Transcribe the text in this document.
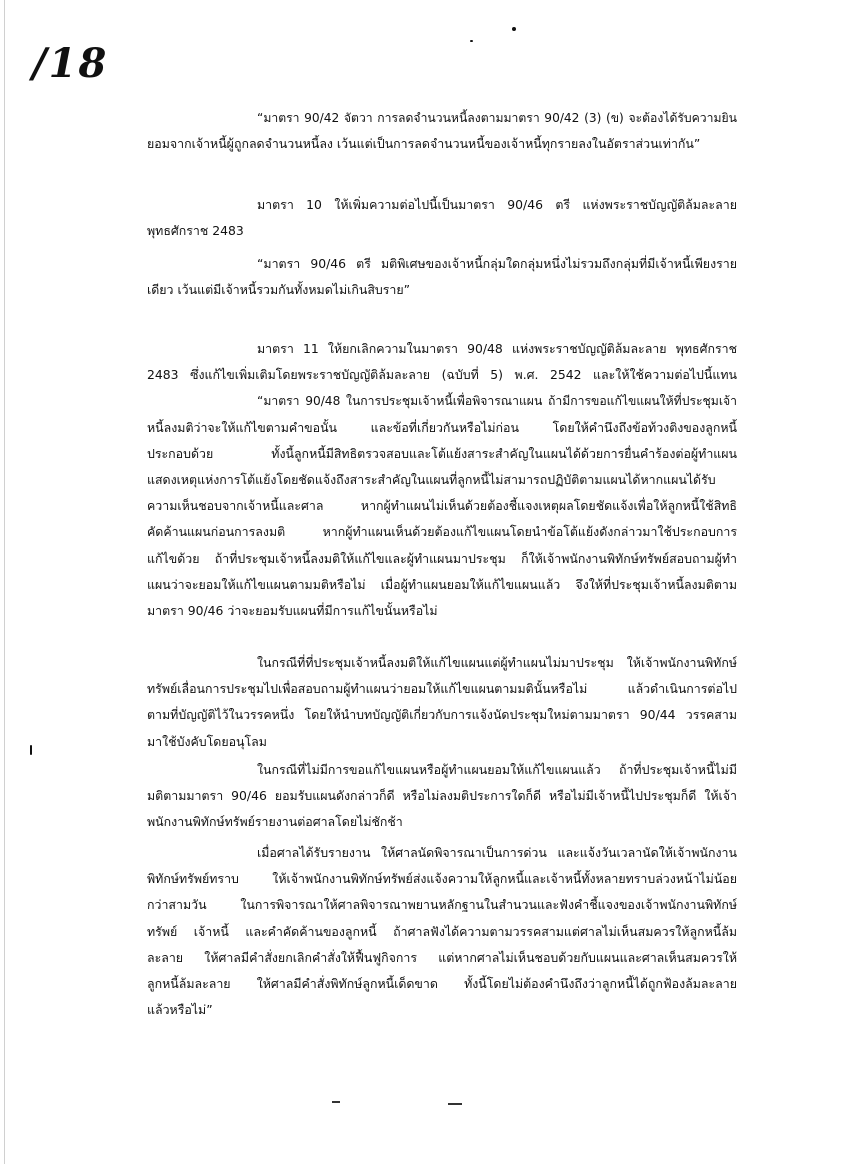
/18
“มาตรา 90/42 จัตวา การลดจำนวนหนี้ลงตามมาตรา 90/42 (3) (ข) จะต้องได้รับความยิน
ยอมจากเจ้าหนี้ผู้ถูกลดจำนวนหนี้ลง เว้นแต่เป็นการลดจำนวนหนี้ของเจ้าหนี้ทุกรายลงในอัตราส่วนเท่ากัน”
มาตรา 10 ให้เพิ่มความต่อไปนี้เป็นมาตรา 90/46 ตรี แห่งพระราชบัญญัติล้มละลาย
พุทธศักราช 2483
“มาตรา 90/46 ตรี มติพิเศษของเจ้าหนี้กลุ่มใดกลุ่มหนึ่งไม่รวมถึงกลุ่มที่มีเจ้าหนี้เพียงราย
เดียว เว้นแต่มีเจ้าหนี้รวมกันทั้งหมดไม่เกินสิบราย”
มาตรา 11 ให้ยกเลิกความในมาตรา 90/48 แห่งพระราชบัญญัติล้มละลาย พุทธศักราช
2483 ซึ่งแก้ไขเพิ่มเติมโดยพระราชบัญญัติล้มละลาย (ฉบับที่ 5) พ.ศ. 2542 และให้ใช้ความต่อไปนี้แทน
“มาตรา 90/48 ในการประชุมเจ้าหนี้เพื่อพิจารณาแผน ถ้ามีการขอแก้ไขแผนให้ที่ประชุมเจ้า
หนี้ลงมติว่าจะให้แก้ไขตามคำขอนั้น และข้อที่เกี่ยวกันหรือไม่ก่อน โดยให้คำนึงถึงข้อท้วงติงของลูกหนี้
ประกอบด้วย ทั้งนี้ลูกหนี้มีสิทธิตรวจสอบและโต้แย้งสาระสำคัญในแผนได้ด้วยการยื่นคำร้องต่อผู้ทำแผน
แสดงเหตุแห่งการโต้แย้งโดยชัดแจ้งถึงสาระสำคัญในแผนที่ลูกหนี้ไม่สามารถปฏิบัติตามแผนได้หากแผนได้รับ
ความเห็นชอบจากเจ้าหนี้และศาล หากผู้ทำแผนไม่เห็นด้วยต้องชี้แจงเหตุผลโดยชัดแจ้งเพื่อให้ลูกหนี้ใช้สิทธิ
คัดค้านแผนก่อนการลงมติ หากผู้ทำแผนเห็นด้วยต้องแก้ไขแผนโดยนำข้อโต้แย้งดังกล่าวมาใช้ประกอบการ
แก้ไขด้วย ถ้าที่ประชุมเจ้าหนี้ลงมติให้แก้ไขและผู้ทำแผนมาประชุม ก็ให้เจ้าพนักงานพิทักษ์ทรัพย์สอบถามผู้ทำ
แผนว่าจะยอมให้แก้ไขแผนตามมติหรือไม่ เมื่อผู้ทำแผนยอมให้แก้ไขแผนแล้ว จึงให้ที่ประชุมเจ้าหนี้ลงมติตาม
มาตรา 90/46 ว่าจะยอมรับแผนที่มีการแก้ไขนั้นหรือไม่
ในกรณีที่ที่ประชุมเจ้าหนี้ลงมติให้แก้ไขแผนแต่ผู้ทำแผนไม่มาประชุม ให้เจ้าพนักงานพิทักษ์
ทรัพย์เลื่อนการประชุมไปเพื่อสอบถามผู้ทำแผนว่ายอมให้แก้ไขแผนตามมตินั้นหรือไม่ แล้วดำเนินการต่อไป
ตามที่บัญญัติไว้ในวรรคหนึ่ง โดยให้นำบทบัญญัติเกี่ยวกับการแจ้งนัดประชุมใหม่ตามมาตรา 90/44 วรรคสาม
มาใช้บังคับโดยอนุโลม
ในกรณีที่ไม่มีการขอแก้ไขแผนหรือผู้ทำแผนยอมให้แก้ไขแผนแล้ว ถ้าที่ประชุมเจ้าหนี้ไม่มี
มติตามมาตรา 90/46 ยอมรับแผนดังกล่าวก็ดี หรือไม่ลงมติประการใดก็ดี หรือไม่มีเจ้าหนี้ไปประชุมก็ดี ให้เจ้า
พนักงานพิทักษ์ทรัพย์รายงานต่อศาลโดยไม่ชักช้า
เมื่อศาลได้รับรายงาน ให้ศาลนัดพิจารณาเป็นการด่วน และแจ้งวันเวลานัดให้เจ้าพนักงาน
พิทักษ์ทรัพย์ทราบ ให้เจ้าพนักงานพิทักษ์ทรัพย์ส่งแจ้งความให้ลูกหนี้และเจ้าหนี้ทั้งหลายทราบล่วงหน้าไม่น้อย
กว่าสามวัน ในการพิจารณาให้ศาลพิจารณาพยานหลักฐานในสำนวนและฟังคำชี้แจงของเจ้าพนักงานพิทักษ์
ทรัพย์ เจ้าหนี้ และคำคัดค้านของลูกหนี้ ถ้าศาลฟังได้ความตามวรรคสามแต่ศาลไม่เห็นสมควรให้ลูกหนี้ล้ม
ละลาย ให้ศาลมีคำสั่งยกเลิกคำสั่งให้ฟื้นฟูกิจการ แต่หากศาลไม่เห็นชอบด้วยกับแผนและศาลเห็นสมควรให้
ลูกหนี้ล้มละลาย ให้ศาลมีคำสั่งพิทักษ์ลูกหนี้เด็ดขาด ทั้งนี้โดยไม่ต้องคำนึงถึงว่าลูกหนี้ได้ถูกฟ้องล้มละลาย
แล้วหรือไม่”
